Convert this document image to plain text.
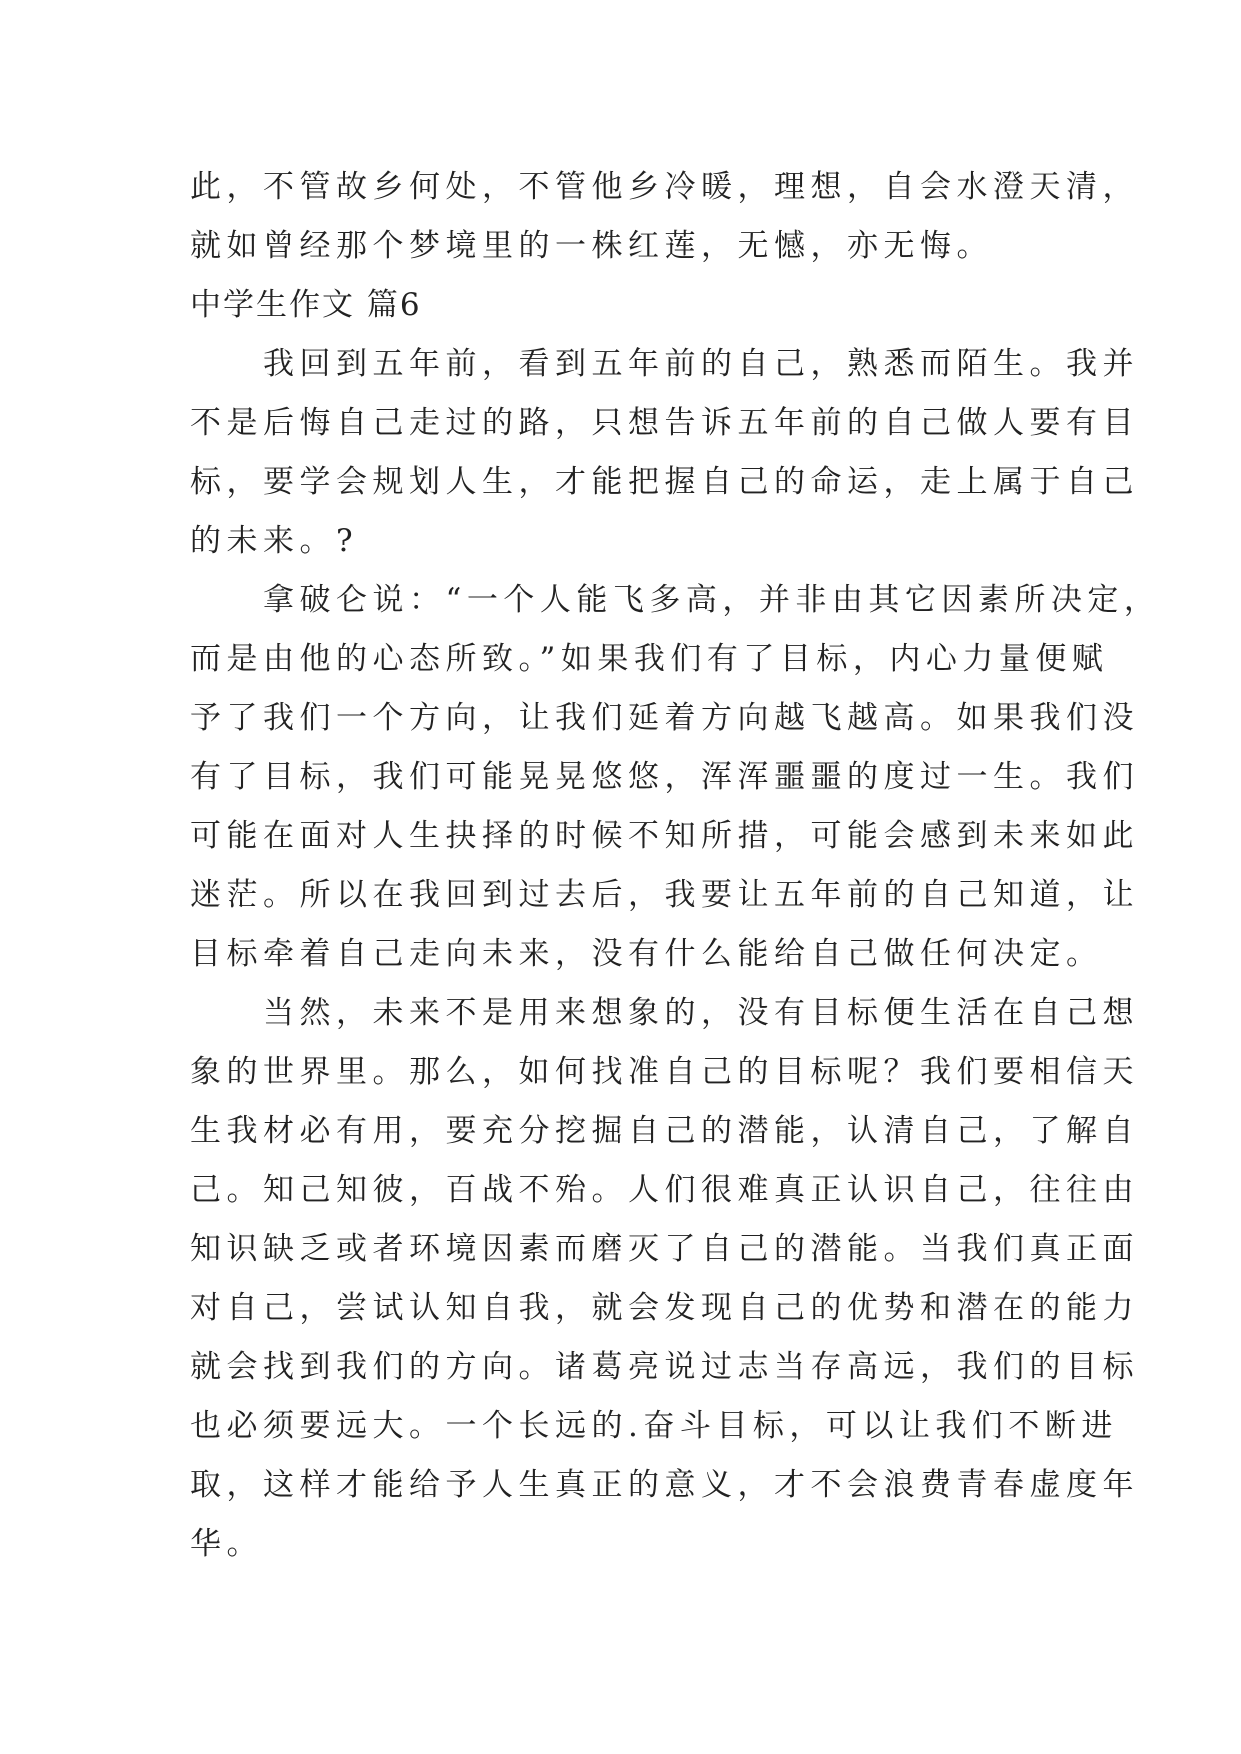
此，不管故乡何处，不管他乡冷暖，理想，自会水澄天清，
就如曾经那个梦境里的一株红莲，无憾，亦无悔。
中学生作文 篇6
　　我回到五年前，看到五年前的自己，熟悉而陌生。我并
不是后悔自己走过的路，只想告诉五年前的自己做人要有目
标，要学会规划人生，才能把握自己的命运，走上属于自己
的未来。?
　　拿破仑说：“一个人能飞多高，并非由其它因素所决定，
而是由他的心态所致。”如果我们有了目标，内心力量便赋
予了我们一个方向，让我们延着方向越飞越高。如果我们没
有了目标，我们可能晃晃悠悠，浑浑噩噩的度过一生。我们
可能在面对人生抉择的时候不知所措，可能会感到未来如此
迷茫。所以在我回到过去后，我要让五年前的自己知道，让
目标牵着自己走向未来，没有什么能给自己做任何决定。
　　当然，未来不是用来想象的，没有目标便生活在自己想
象的世界里。那么，如何找准自己的目标呢？我们要相信天
生我材必有用，要充分挖掘自己的潜能，认清自己，了解自
己。知己知彼，百战不殆。人们很难真正认识自己，往往由
知识缺乏或者环境因素而磨灭了自己的潜能。当我们真正面
对自己，尝试认知自我，就会发现自己的优势和潜在的能力
就会找到我们的方向。诸葛亮说过志当存高远，我们的目标
也必须要远大。一个长远的.奋斗目标，可以让我们不断进
取，这样才能给予人生真正的意义，才不会浪费青春虚度年
华。
